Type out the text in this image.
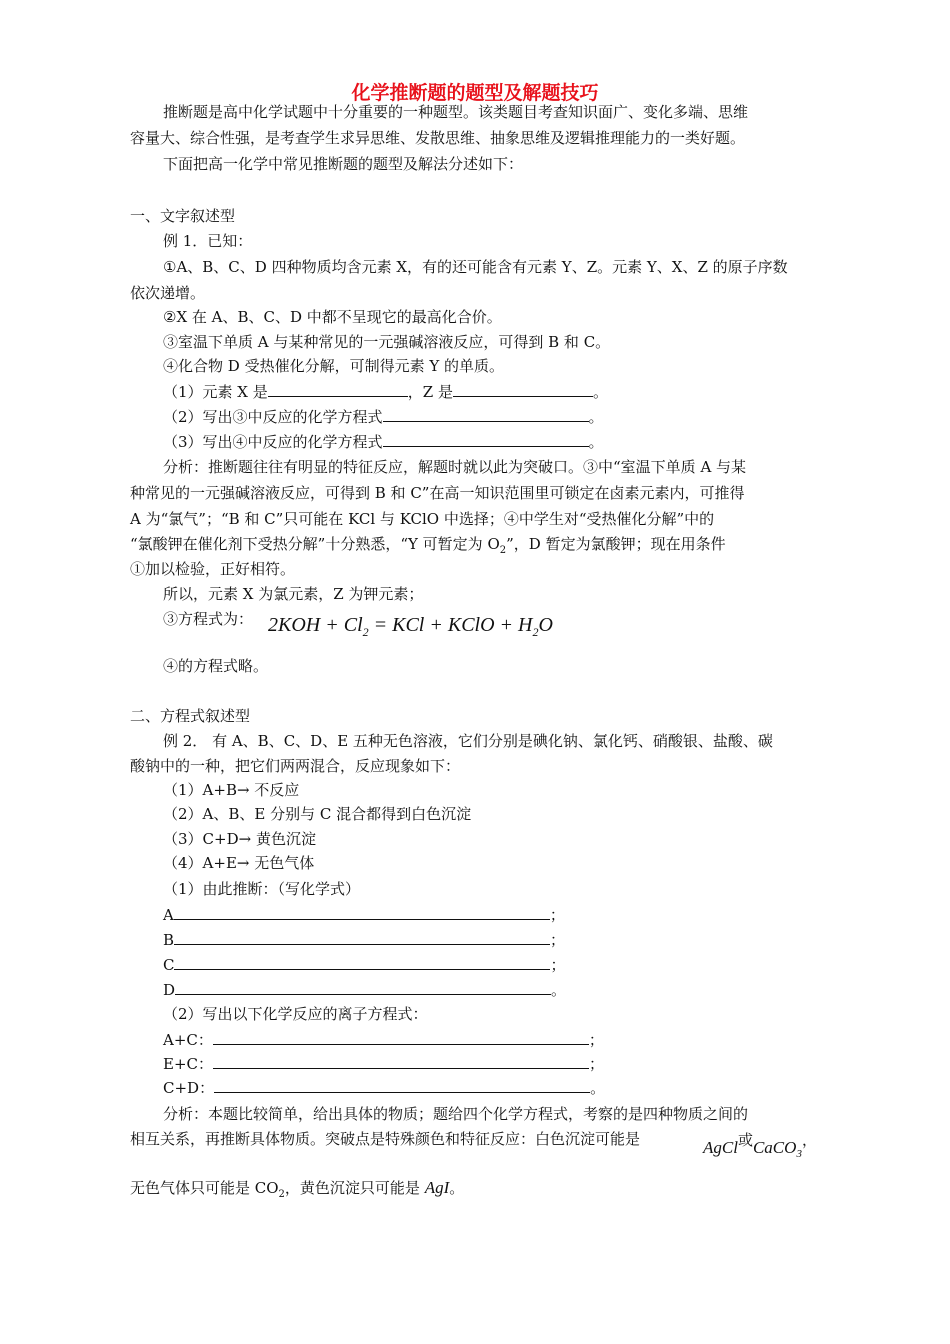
化学推断题的题型及解题技巧
推断题是高中化学试题中十分重要的一种题型。该类题目考查知识面广、变化多端、思维
容量大、综合性强，是考查学生求异思维、发散思维、抽象思维及逻辑推理能力的一类好题。
下面把高一化学中常见推断题的题型及解法分述如下：
一、文字叙述型
例 1．已知：
①A、B、C、D 四种物质均含元素 X，有的还可能含有元素 Y、Z。元素 Y、X、Z 的原子序数
依次递增。
②X 在 A、B、C、D 中都不呈现它的最高化合价。
③室温下单质 A 与某种常见的一元强碱溶液反应，可得到 B 和 C。
④化合物 D 受热催化分解，可制得元素 Y 的单质。
（1）元素 X 是	，Z 是	。
（2）写出③中反应的化学方程式	。
（3）写出④中反应的化学方程式	。
分析：推断题往往有明显的特征反应，解题时就以此为突破口。③中“室温下单质 A 与某
种常见的一元强碱溶液反应，可得到 B 和 C”在高一知识范围里可锁定在卤素元素内，可推得
A 为“氯气”；“B 和 C”只可能在 KCl 与 KClO 中选择；④中学生对“受热催化分解”中的
“氯酸钾在催化剂下受热分解”十分熟悉，“Y 可暂定为 $O_2$”，D 暂定为氯酸钾；现在用条件
①加以检验，正好相符。
所以，元素 X 为氯元素，Z 为钾元素；
③方程式为： $2KOH + Cl_2$ = KCl + KClO + $H_2O$
④的方程式略。
二、方程式叙述型
例 2． 有 A、B、C、D、E 五种无色溶液，它们分别是碘化钠、氯化钙、硝酸银、盐酸、碳
酸钠中的一种，把它们两两混合，反应现象如下：
（1）A+B→ 不反应
（2）A、B、E 分别与 C 混合都得到白色沉淀
（3）C+D→ 黄色沉淀
（4）A+E→ 无色气体
（1）由此推断：（写化学式）
A	；
B	；
C	；
D	。
（2）写出以下化学反应的离子方程式：
A+C：	；
E+C：	；
C+D：	。
分析：本题比较简单，给出具体的物质；题给四个化学方程式，考察的是四种物质之间的
相互关系，再推断具体物质。突破点是特殊颜色和特征反应：白色沉淀可能是	AgCl或CaCO$_3$，
无色气体只可能是 $CO_2$，黄色沉淀只可能是 AgI。
